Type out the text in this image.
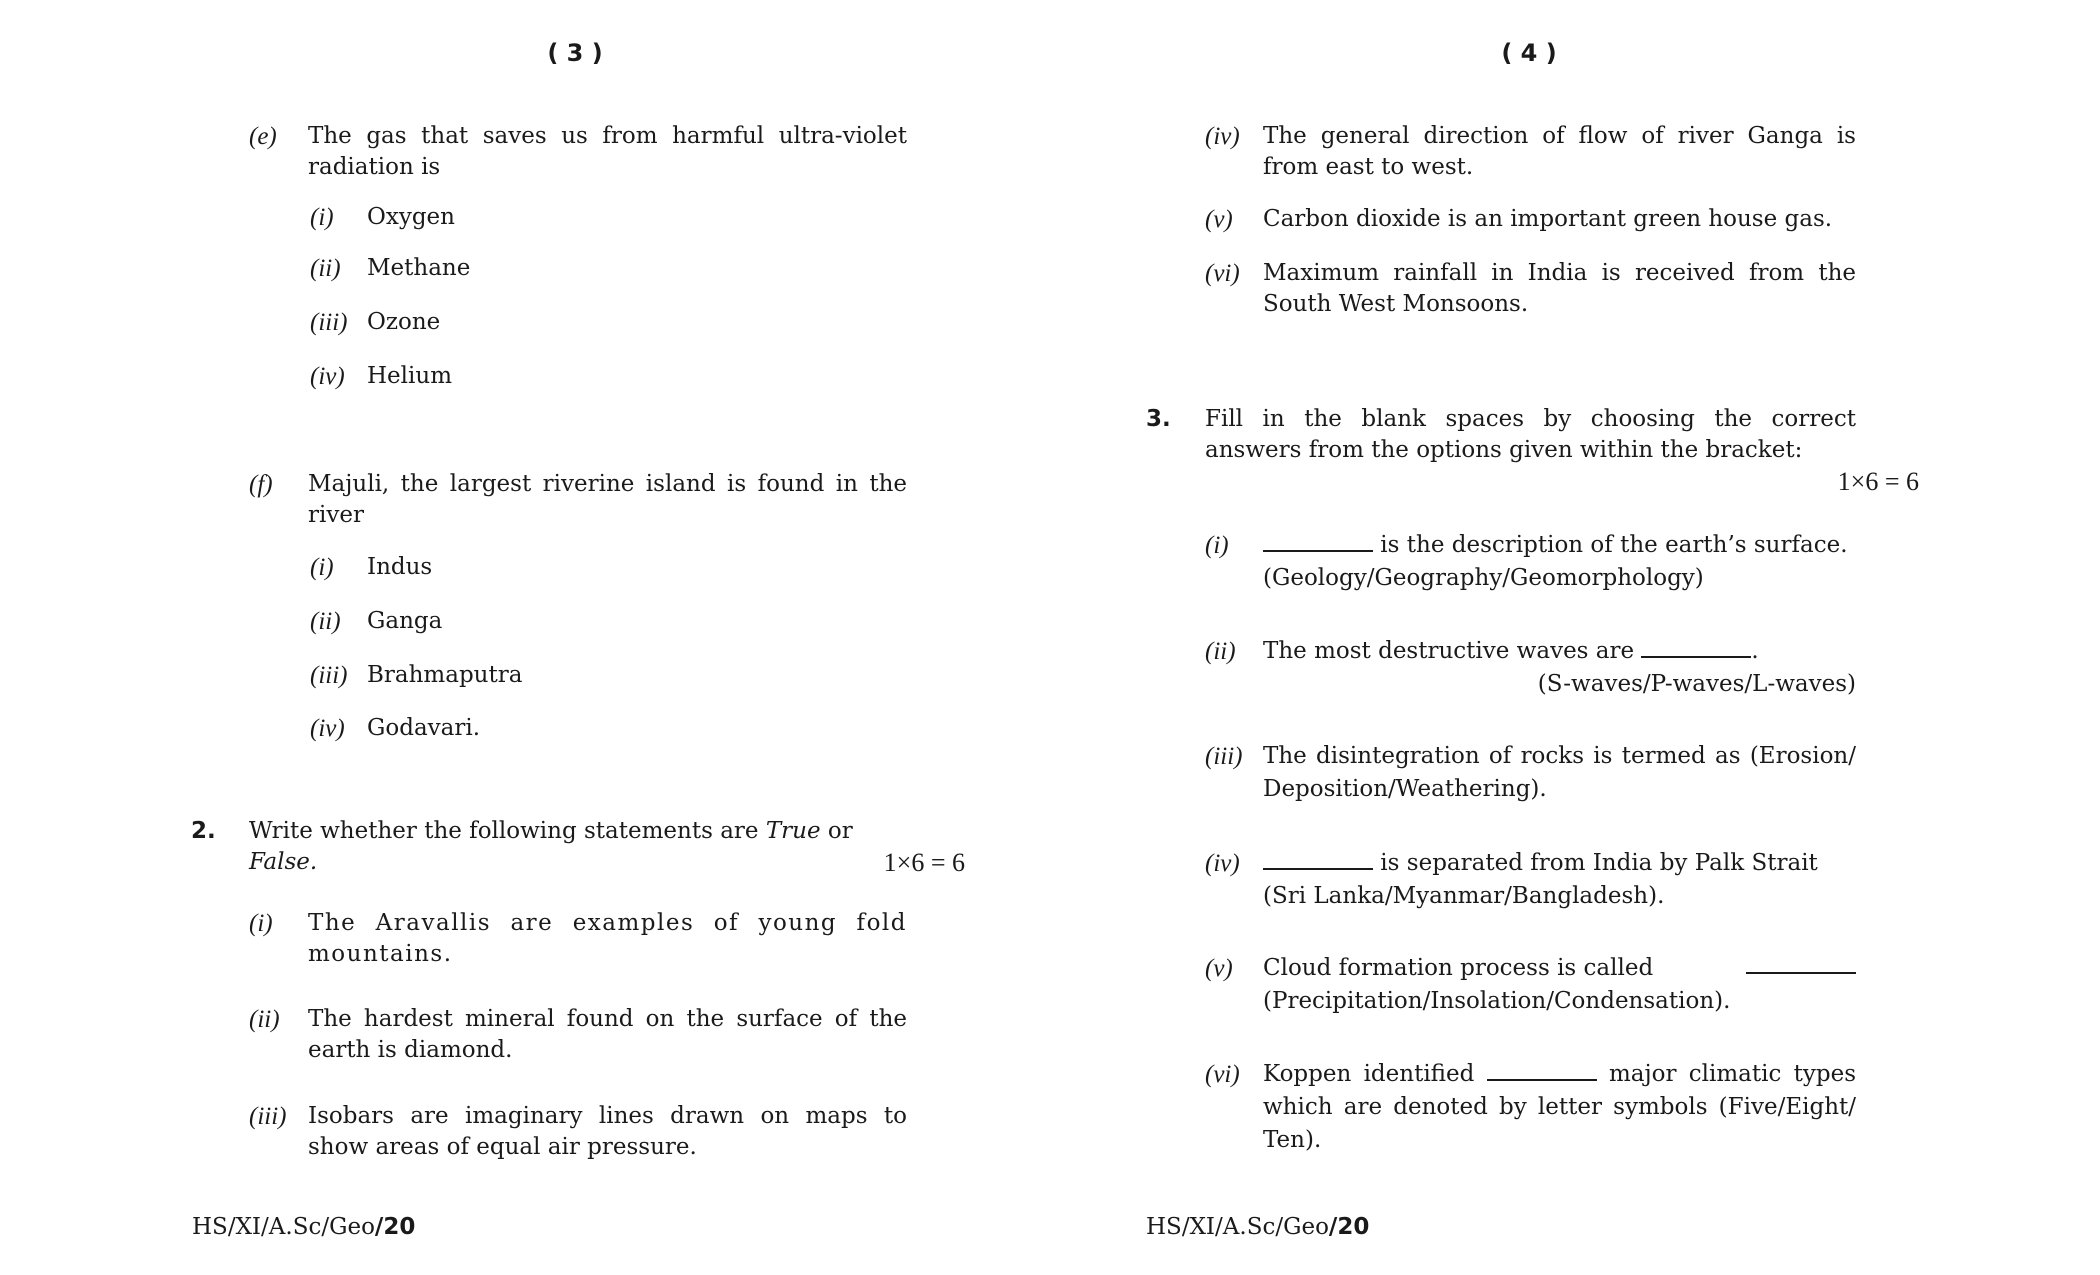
( 3 )
(e) The gas that saves us from harmful ultra-violet radiation is
(i) Oxygen
(ii) Methane
(iii) Ozone
(iv) Helium
(f) Majuli, the largest riverine island is found in the river
(i) Indus
(ii) Ganga
(iii) Brahmaputra
(iv) Godavari.
2. Write whether the following statements are True or
False.	1×6 = 6
(i) The Aravallis are examples of young fold mountains.
(ii) The hardest mineral found on the surface of the earth is diamond.
(iii) Isobars are imaginary lines drawn on maps to show areas of equal air pressure.
HS/XI/A.Sc/Geo/20
( 4 )
(iv) The general direction of flow of river Ganga is from east to west.
(v) Carbon dioxide is an important green house gas.
(vi) Maximum rainfall in India is received from the South West Monsoons.
3. Fill in the blank spaces by choosing the correct answers from the options given within the bracket:
1×6 = 6
(i)	is the description of the earth’s surface.
(Geology/Geography/Geomorphology)
(ii) The most destructive waves are	.
(S-waves/P-waves/L-waves)
(iii) The disintegration of rocks is termed as (Erosion/ Deposition/Weathering).
(iv)	is separated from India by Palk Strait
(Sri Lanka/Myanmar/Bangladesh).
(v) Cloud formation process is called
(Precipitation/Insolation/Condensation).
(vi) Koppen identified	major climatic types which are denoted by letter symbols (Five/Eight/ Ten).
HS/XI/A.Sc/Geo/20
